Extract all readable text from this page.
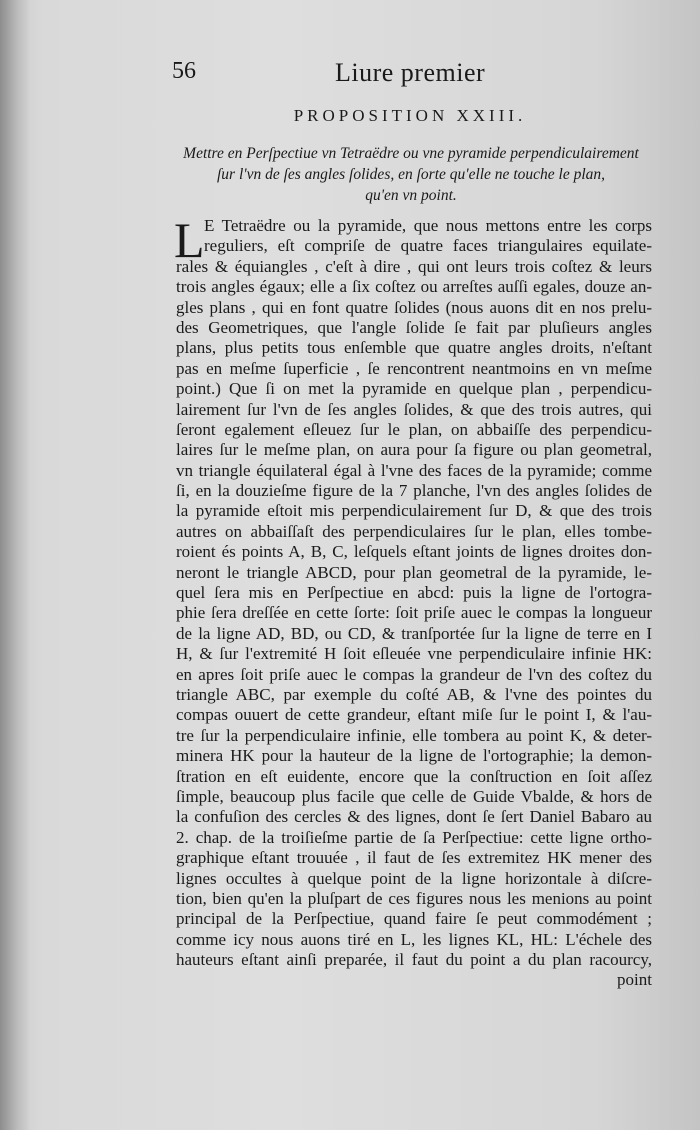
56	Liure premier
PROPOSITION XXIII.
Mettre en Perſpectiue vn Tetraëdre ou vne pyramide perpendiculairement
ſur l'vn de ſes angles ſolides, en ſorte qu'elle ne touche le plan,
qu'en vn point.
L E Tetraëdre ou la pyramide, que nous mettons entre les corps
reguliers, eſt compriſe de quatre faces triangulaires equilate-
rales & équiangles , c'eſt à dire , qui ont leurs trois coſtez & leurs
trois angles égaux; elle a ſix coſtez ou arreſtes auſſi egales, douze an-
gles plans , qui en font quatre ſolides (nous auons dit en nos prelu-
des Geometriques, que l'angle ſolide ſe fait par pluſieurs angles
plans, plus petits tous enſemble que quatre angles droits, n'eſtant
pas en meſme ſuperficie , ſe rencontrent neantmoins en vn meſme
point.) Que ſi on met la pyramide en quelque plan , perpendicu-
lairement ſur l'vn de ſes angles ſolides, & que des trois autres, qui
ſeront egalement eſleuez ſur le plan, on abbaiſſe des perpendicu-
laires ſur le meſme plan, on aura pour ſa figure ou plan geometral,
vn triangle équilateral égal à l'vne des faces de la pyramide; comme
ſi, en la douzieſme figure de la 7 planche, l'vn des angles ſolides de
la pyramide eſtoit mis perpendiculairement ſur D, & que des trois
autres on abbaiſſaſt des perpendiculaires ſur le plan, elles tombe-
roient és points A, B, C, leſquels eſtant joints de lignes droites don-
neront le triangle ABCD, pour plan geometral de la pyramide, le-
quel ſera mis en Perſpectiue en abcd: puis la ligne de l'ortogra-
phie ſera dreſſée en cette ſorte: ſoit priſe auec le compas la longueur
de la ligne AD, BD, ou CD, & tranſportée ſur la ligne de terre en I
H, & ſur l'extremité H ſoit eſleuée vne perpendiculaire infinie HK:
en apres ſoit priſe auec le compas la grandeur de l'vn des coſtez du
triangle ABC, par exemple du coſté AB, & l'vne des pointes du
compas ouuert de cette grandeur, eſtant miſe ſur le point I, & l'au-
tre ſur la perpendiculaire infinie, elle tombera au point K, & deter-
minera HK pour la hauteur de la ligne de l'ortographie; la demon-
ſtration en eſt euidente, encore que la conſtruction en ſoit aſſez
ſimple, beaucoup plus facile que celle de Guide Vbalde, & hors de
la confuſion des cercles & des lignes, dont ſe ſert Daniel Babaro au
2. chap. de la troiſieſme partie de ſa Perſpectiue: cette ligne ortho-
graphique eſtant trouuée , il faut de ſes extremitez HK mener des
lignes occultes à quelque point de la ligne horizontale à diſcre-
tion, bien qu'en la pluſpart de ces figures nous les menions au point
principal de la Perſpectiue, quand faire ſe peut commodément ;
comme icy nous auons tiré en L, les lignes KL, HL: L'échele des
hauteurs eſtant ainſi preparée, il faut du point a du plan racourcy,
point
